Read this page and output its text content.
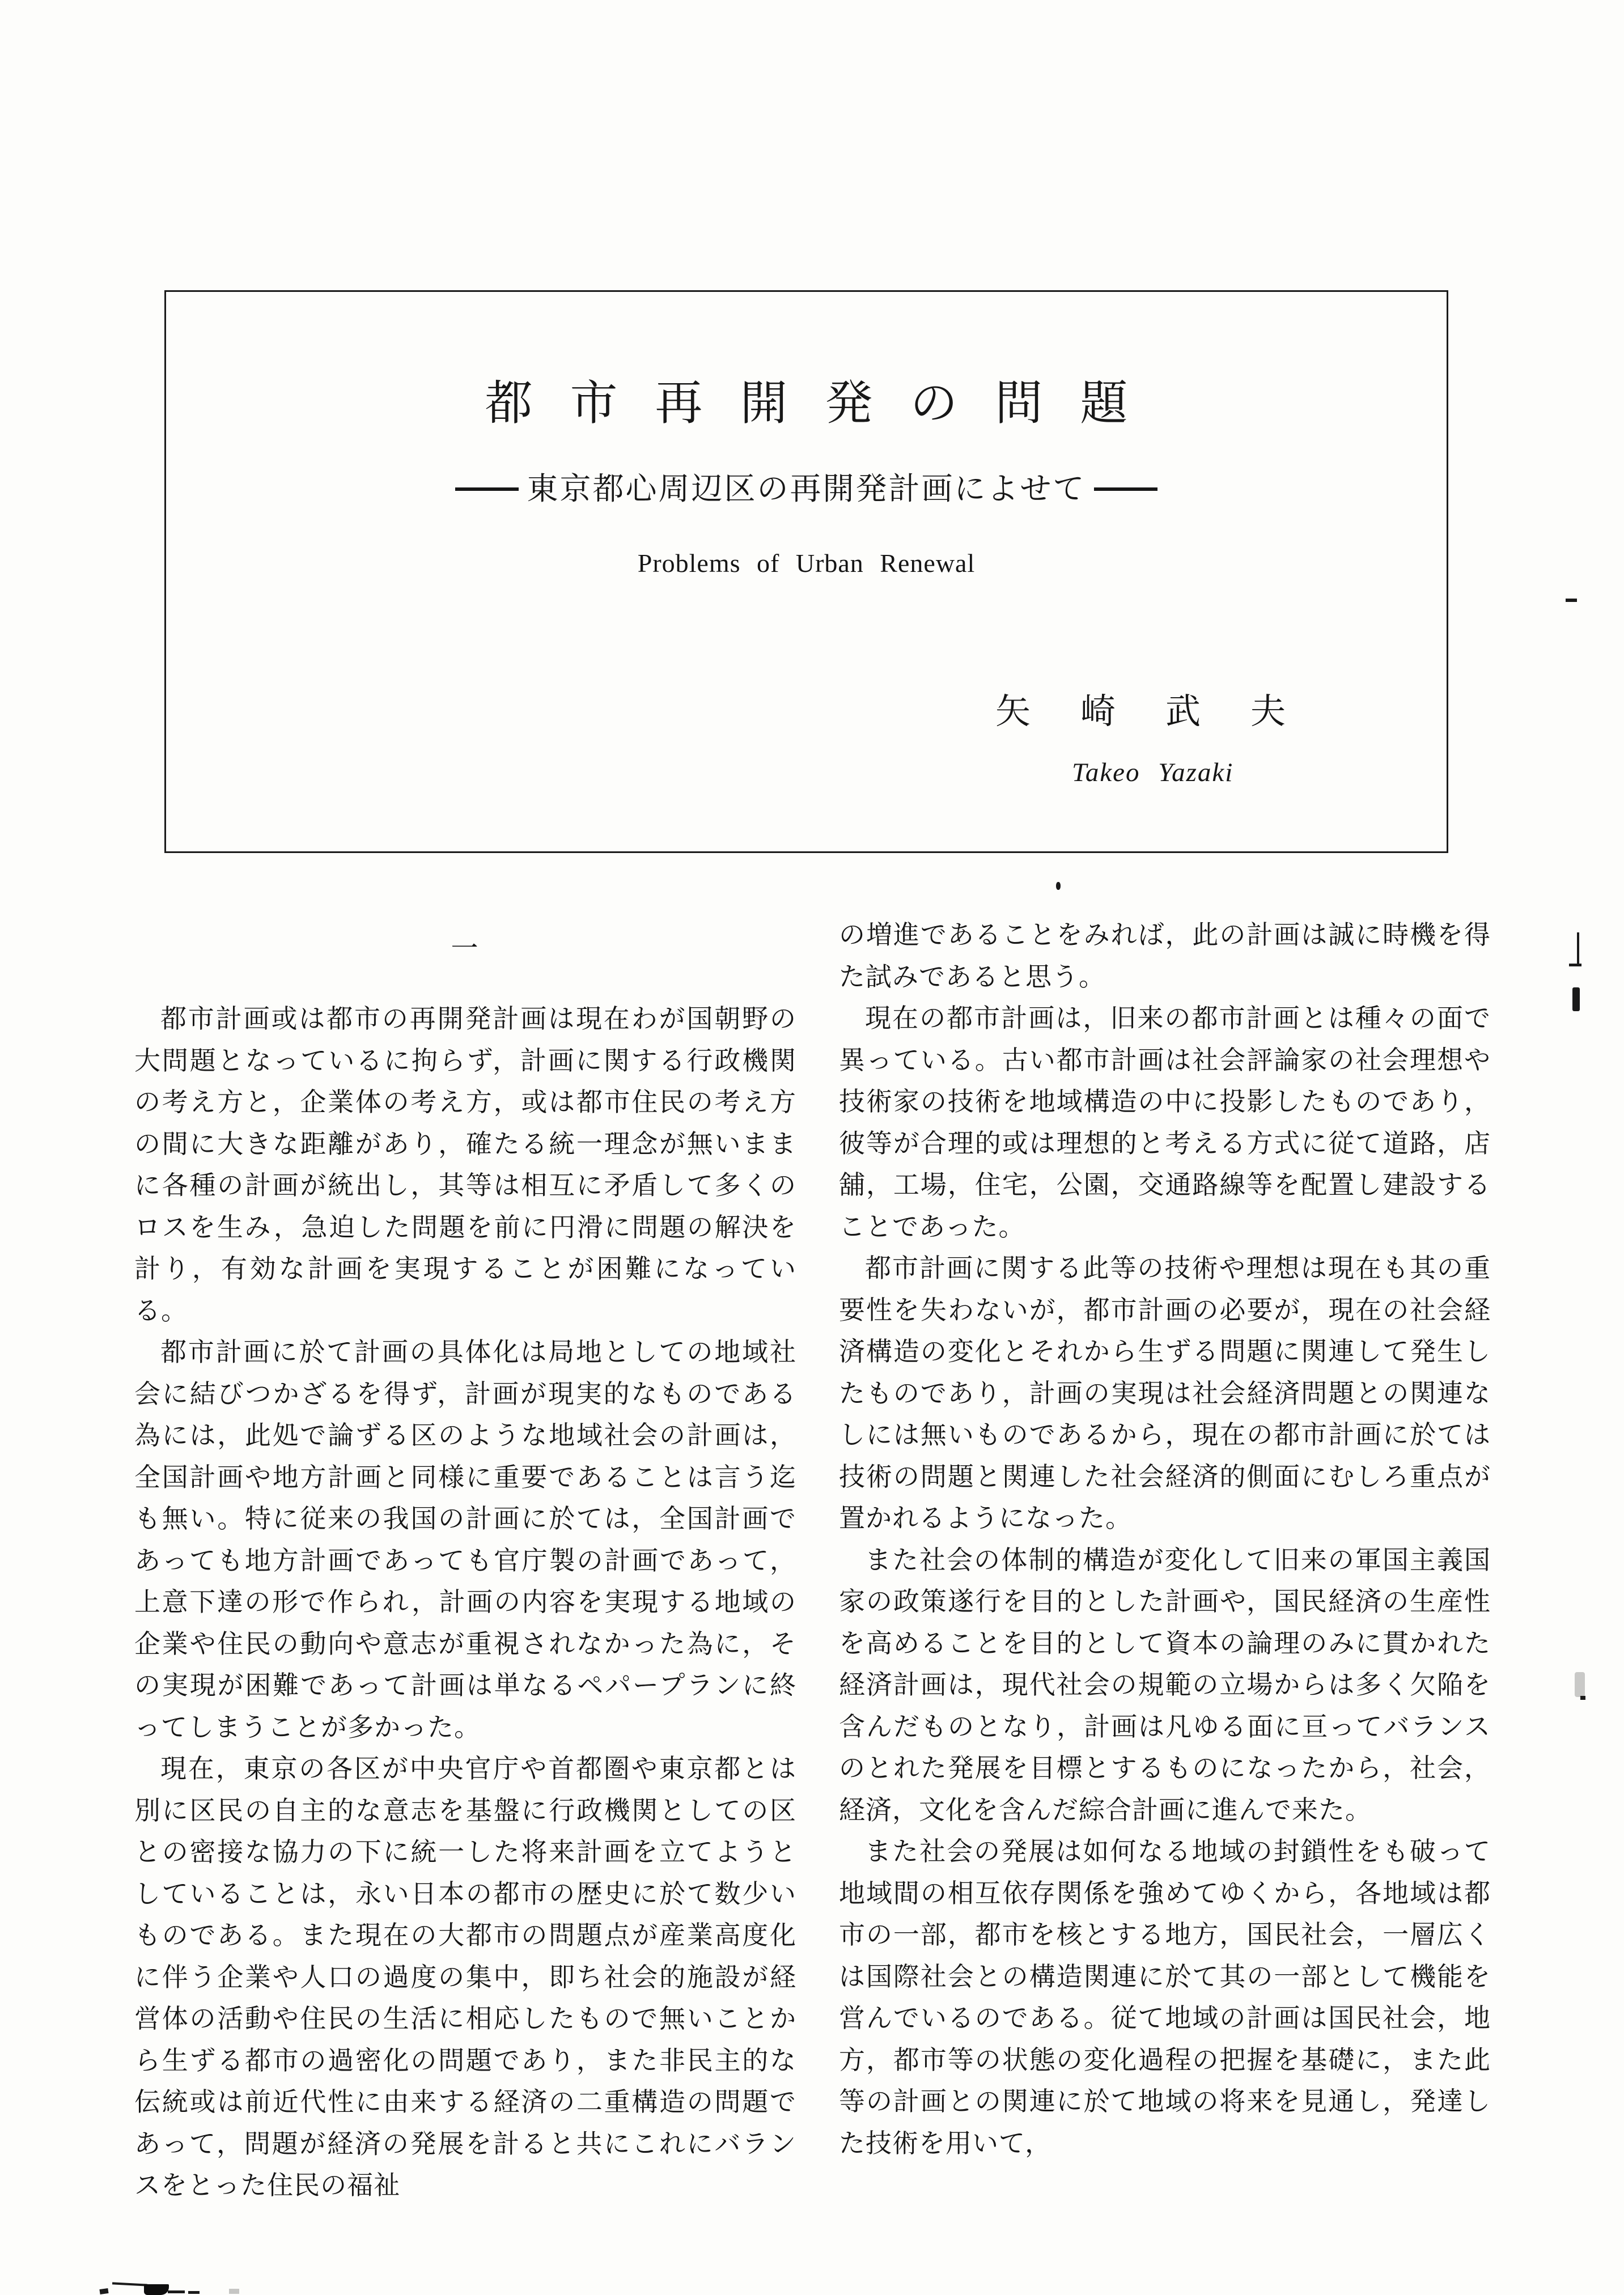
都市再開発の問題
東京都心周辺区の再開発計画によせて
Problems of Urban Renewal
矢崎武夫
Takeo Yazaki
一

都市計画或は都市の再開発計画は現在わが国朝野の大問題となっているに拘らず，計画に関する行政機関の考え方と，企業体の考え方，或は都市住民の考え方の間に大きな距離があり，確たる統一理念が無いままに各種の計画が統出し，其等は相互に矛盾して多くのロスを生み，急迫した問題を前に円滑に問題の解決を計り，有効な計画を実現することが困難になっている。

都市計画に於て計画の具体化は局地としての地域社会に結びつかざるを得ず，計画が現実的なものである為には，此処で論ずる区のような地域社会の計画は，全国計画や地方計画と同様に重要であることは言う迄も無い。特に従来の我国の計画に於ては，全国計画であっても地方計画であっても官庁製の計画であって，上意下達の形で作られ，計画の内容を実現する地域の企業や住民の動向や意志が重視されなかった為に，その実現が困難であって計画は単なるペパープランに終ってしまうことが多かった。

現在，東京の各区が中央官庁や首都圏や東京都とは別に区民の自主的な意志を基盤に行政機関としての区との密接な協力の下に統一した将来計画を立てようとしていることは，永い日本の都市の歴史に於て数少いものである。また現在の大都市の問題点が産業高度化に伴う企業や人口の過度の集中，即ち社会的施設が経営体の活動や住民の生活に相応したもので無いことから生ずる都市の過密化の問題であり，また非民主的な伝統或は前近代性に由来する経済の二重構造の問題であって，問題が経済の発展を計ると共にこれにバランスをとった住民の福祉

の増進であることをみれば，此の計画は誠に時機を得た試みであると思う。

現在の都市計画は，旧来の都市計画とは種々の面で異っている。古い都市計画は社会評論家の社会理想や技術家の技術を地域構造の中に投影したものであり，彼等が合理的或は理想的と考える方式に従て道路，店舖，工場，住宅，公園，交通路線等を配置し建設することであった。

都市計画に関する此等の技術や理想は現在も其の重要性を失わないが，都市計画の必要が，現在の社会経済構造の変化とそれから生ずる問題に関連して発生したものであり，計画の実現は社会経済問題との関連なしには無いものであるから，現在の都市計画に於ては技術の問題と関連した社会経済的側面にむしろ重点が置かれるようになった。

また社会の体制的構造が変化して旧来の軍国主義国家の政策遂行を目的とした計画や，国民経済の生産性を高めることを目的として資本の論理のみに貫かれた経済計画は，現代社会の規範の立場からは多く欠陥を含んだものとなり，計画は凡ゆる面に亘ってバランスのとれた発展を目標とするものになったから，社会，経済，文化を含んだ綜合計画に進んで来た。

また社会の発展は如何なる地域の封鎖性をも破って地域間の相互依存関係を強めてゆくから，各地域は都市の一部，都市を核とする地方，国民社会，一層広くは国際社会との構造関連に於て其の一部として機能を営んでいるのである。従て地域の計画は国民社会，地方，都市等の状態の変化過程の把握を基礎に，また此等の計画との関連に於て地域の将来を見通し，発達した技術を用いて，
